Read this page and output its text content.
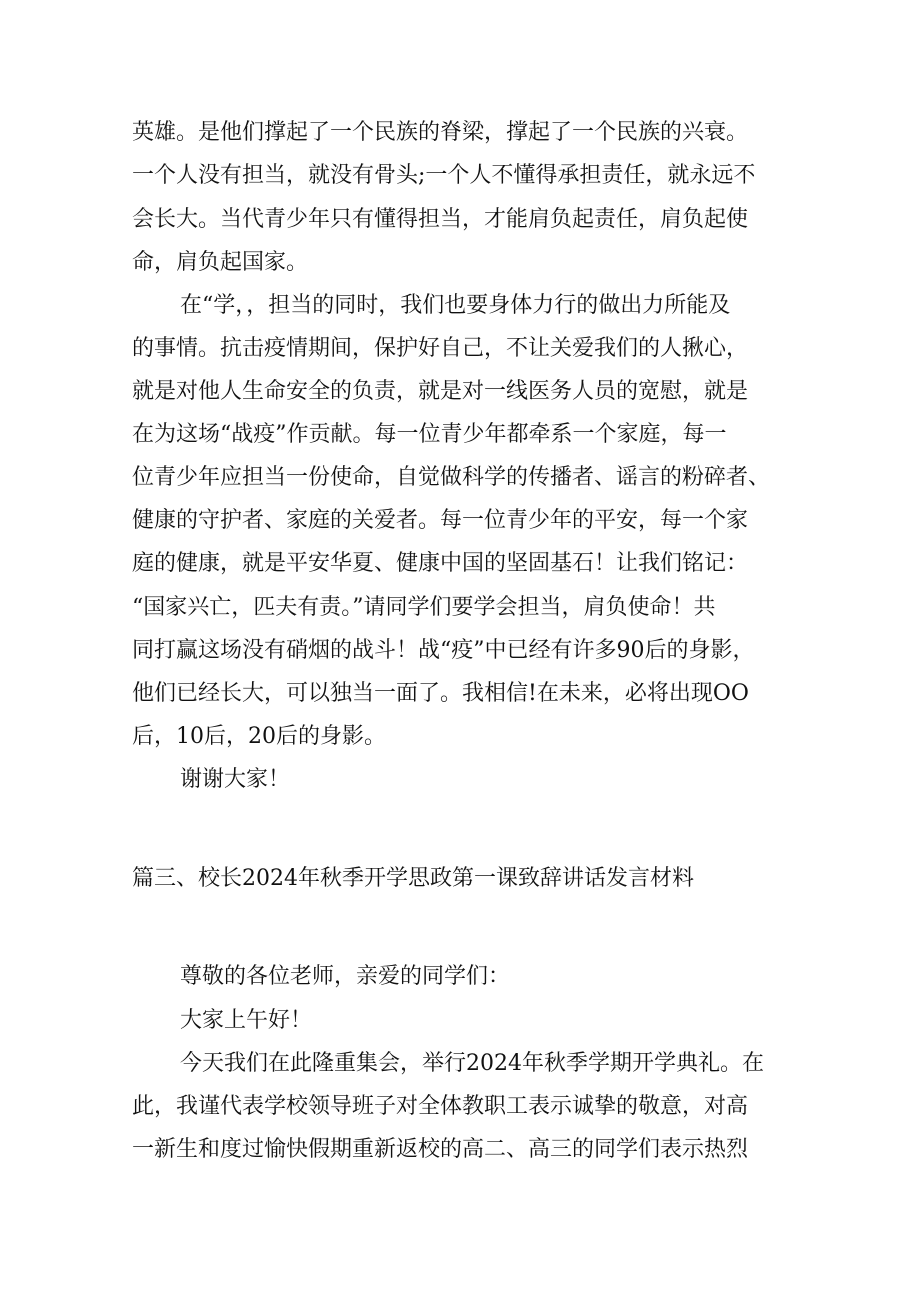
英雄。是他们撑起了一个民族的脊梁，撑起了一个民族的兴衰。
一个人没有担当，就没有骨头;一个人不懂得承担责任，就永远不
会长大。当代青少年只有懂得担当，才能肩负起责任，肩负起使
命，肩负起国家。
在“学，，担当的同时，我们也要身体力行的做出力所能及
的事情。抗击疫情期间，保护好自己，不让关爱我们的人揪心，
就是对他人生命安全的负责，就是对一线医务人员的宽慰，就是
在为这场“战疫”作贡献。每一位青少年都牵系一个家庭，每一
位青少年应担当一份使命，自觉做科学的传播者、谣言的粉碎者、
健康的守护者、家庭的关爱者。每一位青少年的平安，每一个家
庭的健康，就是平安华夏、健康中国的坚固基石！让我们铭记：
“国家兴亡，匹夫有责。”请同学们要学会担当，肩负使命！共
同打赢这场没有硝烟的战斗！战“疫”中已经有许多90后的身影，
他们已经长大，可以独当一面了。我相信!在未来，必将出现OO
后，10后，20后的身影。
谢谢大家！
篇三、校长2024年秋季开学思政第一课致辞讲话发言材料
尊敬的各位老师，亲爱的同学们：
大家上午好！
今天我们在此隆重集会，举行2024年秋季学期开学典礼。在
此，我谨代表学校领导班子对全体教职工表示诚挚的敬意，对高
一新生和度过愉快假期重新返校的高二、高三的同学们表示热烈
